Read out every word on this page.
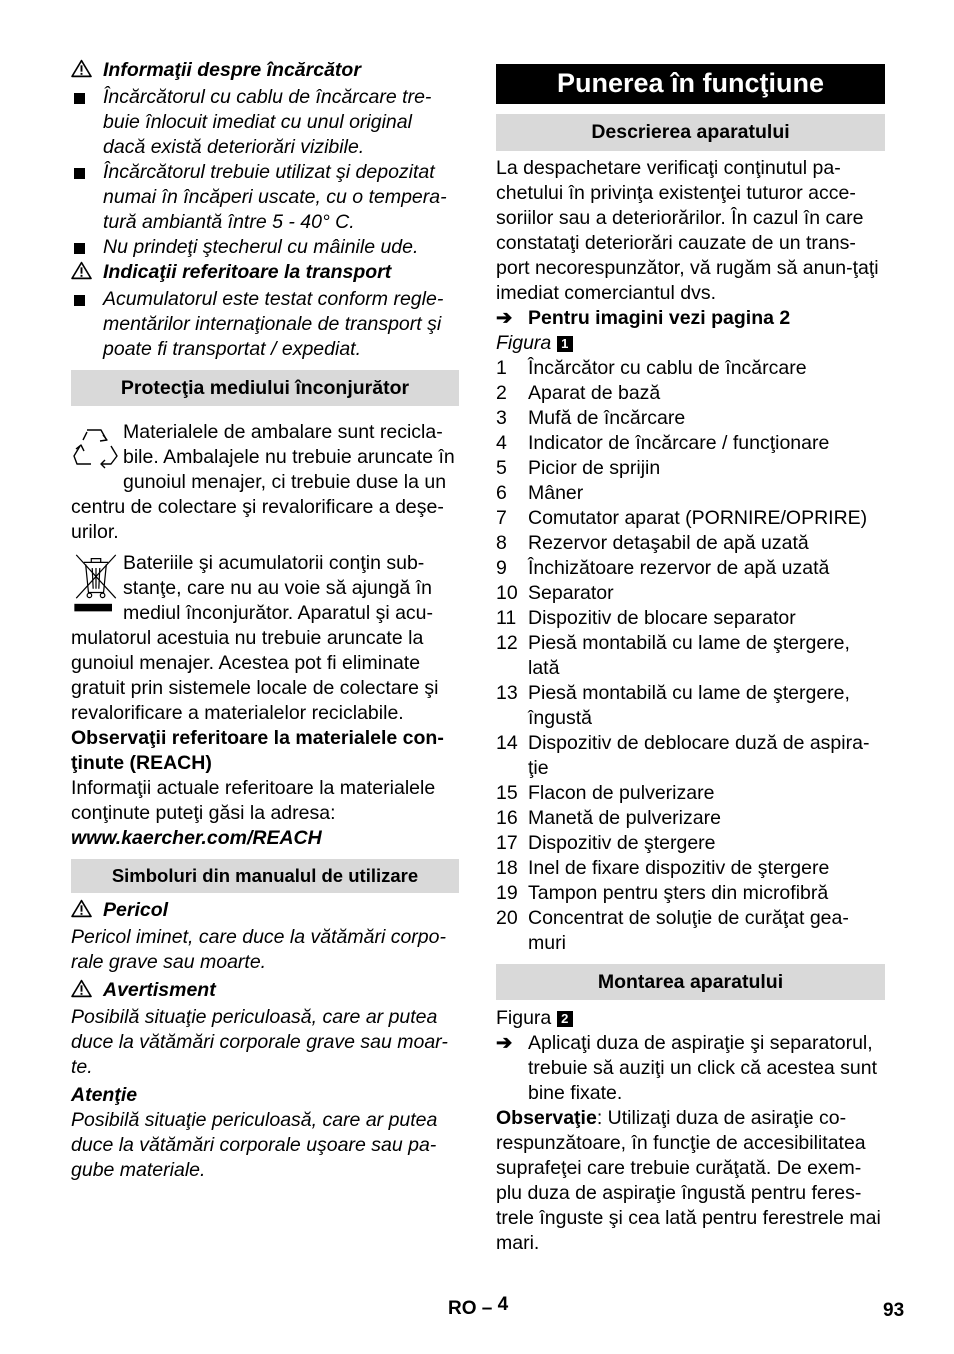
Informaţii despre încărcător
Încărcătorul cu cablu de încărcare tre-buie înlocuit imediat cu unul original dacă există deteriorări vizibile.
Încărcătorul trebuie utilizat şi depozitat numai în încăperi uscate, cu o tempera-tură ambiantă între 5 - 40° C.
Nu prindeţi ştecherul cu mâinile ude.
Indicaţii referitoare la transport
Acumulatorul este testat conform regle-mentărilor internaţionale de transport şi poate fi transportat / expediat.
Protecţia mediului înconjurător
Materialele de ambalare sunt recicla-bile. Ambalajele nu trebuie aruncate în gunoiul menajer, ci trebuie duse la un centru de colectare şi revalorificare a deşe-urilor.
Bateriile şi acumulatorii conţin sub-stanţe, care nu au voie să ajungă în mediul înconjurător. Aparatul şi acu-mulatorul acestuia nu trebuie aruncate la gunoiul menajer. Acestea pot fi eliminate gratuit prin sistemele locale de colectare şi revalorificare a materialelor reciclabile.
Observaţii referitoare la materialele con-ţinute (REACH)
Informaţii actuale referitoare la materialele conţinute puteţi găsi la adresa:
www.kaercher.com/REACH
Simboluri din manualul de utilizare
Pericol
Pericol iminet, care duce la vătămări corpo-rale grave sau moarte.
Avertisment
Posibilă situaţie periculoasă, care ar putea duce la vătămări corporale grave sau moar-te.
Atenţie
Posibilă situaţie periculoasă, care ar putea duce la vătămări corporale uşoare sau pa-gube materiale.
Punerea în funcţiune
Descrierea aparatului
La despachetare verificaţi conţinutul pa-chetului în privinţa existenţei tuturor acce-soriilor sau a deteriorărilor. În cazul în care constataţi deteriorări cauzate de un trans-port necorespunzător, vă rugăm să anun-ţaţi imediat comerciantul dvs.
➔ Pentru imagini vezi pagina 2
Figura 1
1	Încărcător cu cablu de încărcare
2	Aparat de bază
3	Mufă de încărcare
4	Indicator de încărcare / funcţionare
5	Picior de sprijin
6	Mâner
7	Comutator aparat (PORNIRE/OPRIRE)
8	Rezervor detaşabil de apă uzată
9	Închizătoare rezervor de apă uzată
10 Separator
11 Dispozitiv de blocare separator
12 Piesă montabilă cu lame de ştergere, lată
13 Piesă montabilă cu lame de ştergere, îngustă
14 Dispozitiv de deblocare duză de aspira-ţie
15 Flacon de pulverizare
16 Manetă de pulverizare
17 Dispozitiv de ştergere
18 Inel de fixare dispozitiv de ştergere
19 Tampon pentru şters din microfibră
20 Concentrat de soluţie de curăţat gea-muri
Montarea aparatului
Figura 2
➔ Aplicaţi duza de aspiraţie şi separatorul, trebuie să auziţi un click că acestea sunt bine fixate.
Observaţie: Utilizaţi duza de asiraţie co-respunzătoare, în funcţie de accesibilitatea suprafeţei care trebuie curăţată. De exem-plu duza de aspiraţie îngustă pentru feres-trele înguste şi cea lată pentru ferestrele mai mari.
RO – 4	93
